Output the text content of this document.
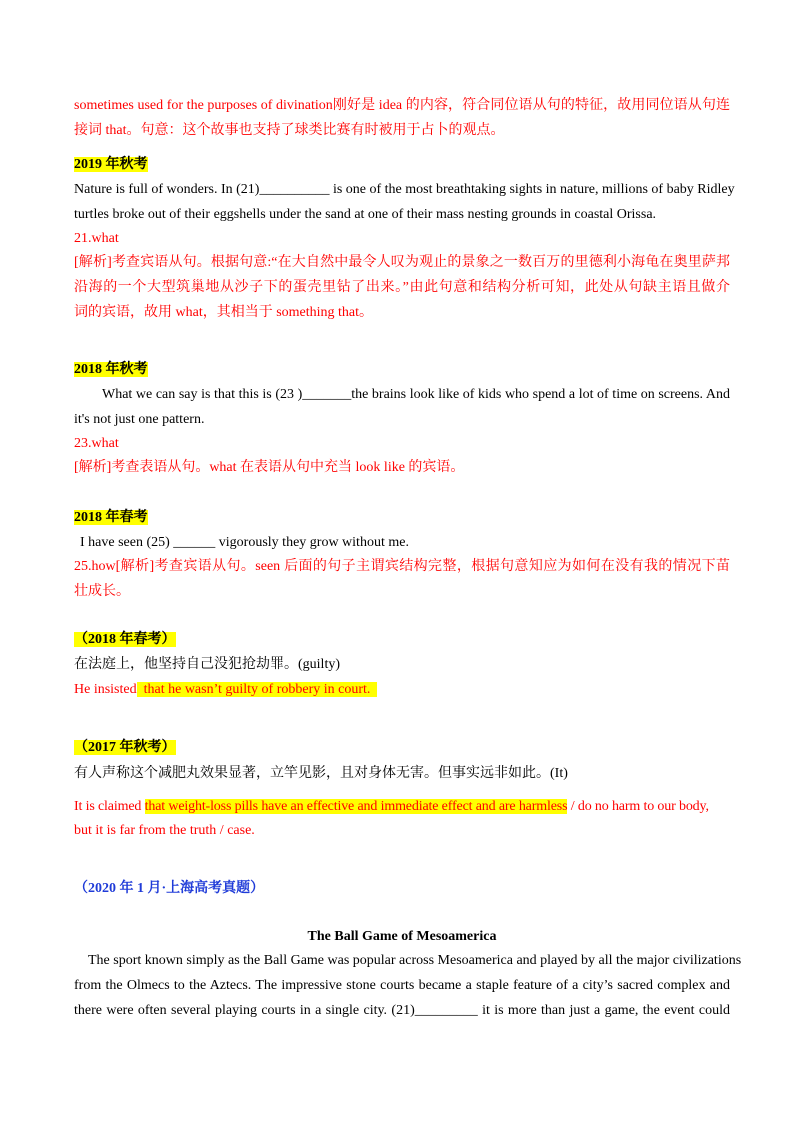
sometimes used for the purposes of divination刚好是 idea 的内容，符合同位语从句的特征，故用同位语从句连
接词 that。句意：这个故事也支持了球类比赛有时被用于占卜的观点。
2019 年秋考
Nature is full of wonders. In (21)__________ is one of the most breathtaking sights in nature, millions of baby Ridley
turtles broke out of their eggshells under the sand at one of their mass nesting grounds in coastal Orissa.
21.what
[解析]考查宾语从句。根据句意:“在大自然中最令人叹为观止的景象之一数百万的里德利小海龟在奥里萨邦
沿海的一个大型筑巢地从沙子下的蛋壳里钻了出来。”由此句意和结构分析可知，此处从句缺主语且做介
词的宾语，故用 what，其相当于 something that。
2018 年秋考
What we can say is that this is (23 )_______the brains look like of kids who spend a lot of time on screens. And
it's not just one pattern.
23.what
[解析]考查表语从句。what 在表语从句中充当 look like 的宾语。
2018 年春考
I have seen (25) ______ vigorously they grow without me.
25.how[解析]考查宾语从句。seen 后面的句子主谓宾结构完整，根据句意知应为如何在没有我的情况下苗
壮成长。
（2018 年春考）
在法庭上，他坚持自己没犯抢劫罪。(guilty)
He insisted  that he wasn’t guilty of robbery in court.
（2017 年秋考）
有人声称这个减肥丸效果显著，立竿见影，且对身体无害。但事实远非如此。(It)
It is claimed that weight-loss pills have an effective and immediate effect and are harmless / do no harm to our body,
but it is far from the truth / case.
（2020 年 1 月·上海高考真题）
The Ball Game of Mesoamerica
The sport known simply as the Ball Game was popular across Mesoamerica and played by all the major civilizations
from the Olmecs to the Aztecs. The impressive stone courts became a staple feature of a city’s sacred complex and
there were often several playing courts in a single city. (21)_________ it is more than just a game, the event could
